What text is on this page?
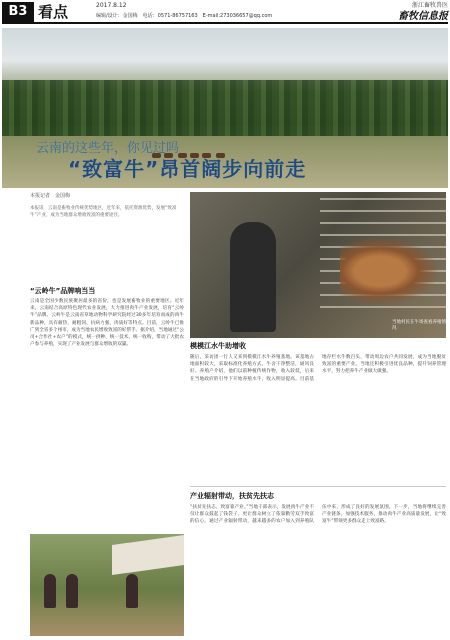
B3 看点	2017.8.12
编辑/设计：金国梅　电话：0571-86757163　E-mail:273036657@qq.com
浙江畜牧兽医
畜牧信息报
云南的这些年，你见过吗
“致富牛”昂首阔步向前走
本报记者　金国梅
本报讯　云南是畜牧业传统优势地区，近年来，依托资源优势，发展“致富牛”产业，成为当地群众增收致富的重要途径。
当地村民在牛场查看养殖情况
“云岭牛”品牌响当当
云南是全国少数民族聚居最多的省份，也是发展畜牧业的重要地区。近年来，云南结合高原特色现代农业发展，大力推进肉牛产业发展，培育“云岭牛”品牌。云岭牛是云南省草地动物科学研究院经过30多年培育而成的肉牛新品种，具有耐热、耐粗饲、抗病力强、肉质好等特点。目前，云岭牛已推广到全省多个州市，成为当地农民增收致富的好帮手。据介绍，当地通过“公司+合作社+农户”的模式，统一供种、统一技术、统一收购，带动了大批农户参与养殖，实现了产业发展与群众增收的双赢。	模模江水牛助增收
随后，采访团一行人又来到模模江水牛养殖基地。该基地占地面积较大，采取标准化养殖方式，牛舍干净整洁，通风良好。养殖户介绍，他们以前种植传统作物，收入较低，后来在当地政府的引导下开始养殖水牛，收入明显提高。目前基地存栏水牛数百头，带动周边农户共同发展，成为当地脱贫致富的重要产业。当地还积极引进优良品种，提升饲养管理水平，努力把养牛产业做大做强。
产业辐射带动，扶贫先扶志
“扶贫先扶志，致富靠产业。”当地干部表示，发展肉牛产业不仅让群众鼓起了钱袋子，更让群众树立了依靠勤劳双手致富的信心。通过产业辐射带动，越来越多的农户加入到养殖队伍中来，形成了良好的发展氛围。下一步，当地将继续完善产业链条，加强技术服务，推动肉牛产业高质量发展，让“致富牛”带领更多群众走上致富路。
